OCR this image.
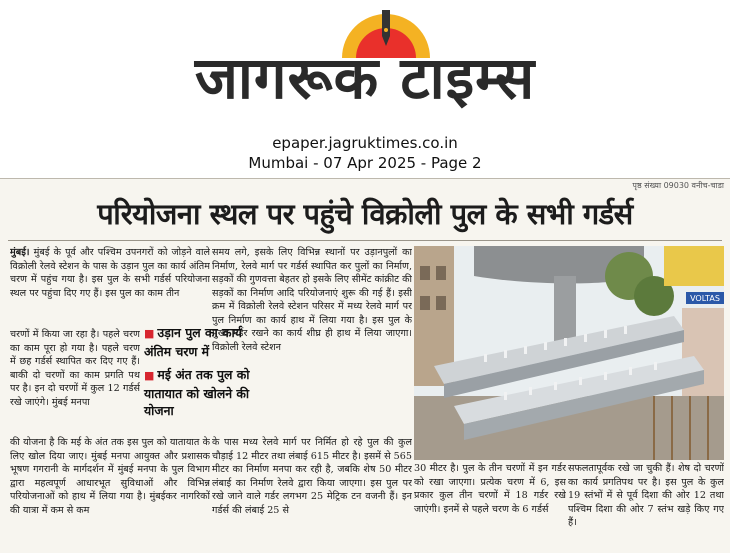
जागरूक टाइम्स
epaper.jagruktimes.co.in
Mumbai - 07 Apr 2025 - Page 2
पृष्ठ संख्या 09030 वनीच-चाडा
परियोजना स्थल पर पहुंचे विक्रोली पुल के सभी गर्डर्स

मुंबई। मुंबई के पूर्व और पश्चिम उपनगरों को जोड़ने वाले विक्रोली रेलवे स्टेशन के पास के उड़ान पुल का कार्य अंतिम चरण में पहुंच गया है। इस पुल के सभी गर्डर्स परियोजना स्थल पर पहुंचा दिए गए हैं। इस पुल का काम तीन

चरणों में किया जा रहा है। पहले चरण का काम पूरा हो गया है। पहले चरण में छह गर्डर्स स्थापित कर दिए गए हैं। बाकी दो चरणों का काम प्रगति पथ पर है। इन दो चरणों में कुल 12 गर्डर्स रखे जाएंगे। मुंबई मनपा

की योजना है कि मई के अंत तक इस पुल को यातायात के लिए खोल दिया जाए। मुंबई मनपा आयुक्त और प्रशासक भूषण गगरानी के मार्गदर्शन में मुंबई मनपा के पुल विभाग द्वारा महत्वपूर्ण आधारभूत सुविधाओं और विभिन्न परियोजनाओं को हाथ में लिया गया है। मुंबईकर नागरिकों की यात्रा में कम से कम

■ उड़ान पुल का कार्य अंतिम चरण में
■ मई अंत तक पुल को यातायात को खोलने की योजना

समय लगे, इसके लिए विभिन्न स्थानों पर उड़ानपुलों का निर्माण, रेलवे मार्ग पर गर्डर्स स्थापित कर पुलों का निर्माण, सड़कों की गुणवत्ता बेहतर हो इसके लिए सीमेंट कांक्रीट की सड़कों का निर्माण आदि परियोजनाएं शुरू की गई हैं। इसी क्रम में विक्रोली रेलवे स्टेशन परिसर में मध्य रेलवे मार्ग पर पुल निर्माण का कार्य हाथ में लिया गया है। इस पुल के मुख्य गर्डर रखने का कार्य शीघ्र ही हाथ में लिया जाएगा। विक्रोली रेलवे स्टेशन

के पास मध्य रेलवे मार्ग पर निर्मित हो रहे पुल की कुल चौड़ाई 12 मीटर तथा लंबाई 615 मीटर है। इसमें से 565 मीटर का निर्माण मनपा कर रही है, जबकि शेष 50 मीटर लंबाई का निर्माण रेलवे द्वारा किया जाएगा। इस पुल पर रखे जाने वाले गर्डर लगभग 25 मेट्रिक टन वजनी हैं। इन गर्डर्स की लंबाई 25 से

VOLTAS

30 मीटर है। पुल के तीन चरणों में इन गर्डर को रखा जाएगा। प्रत्येक चरण में 6, इस प्रकार कुल तीन चरणों में 18 गर्डर रखे जाएंगी। इनमें से पहले चरण के 6 गर्डर्स

सफलतापूर्वक रखे जा चुकी हैं। शेष दो चरणों का कार्य प्रगतिपथ पर है। इस पुल के कुल 19 स्तंभों में से पूर्व दिशा की ओर 12 तथा पश्चिम दिशा की ओर 7 स्तंभ खड़े किए गए हैं।
